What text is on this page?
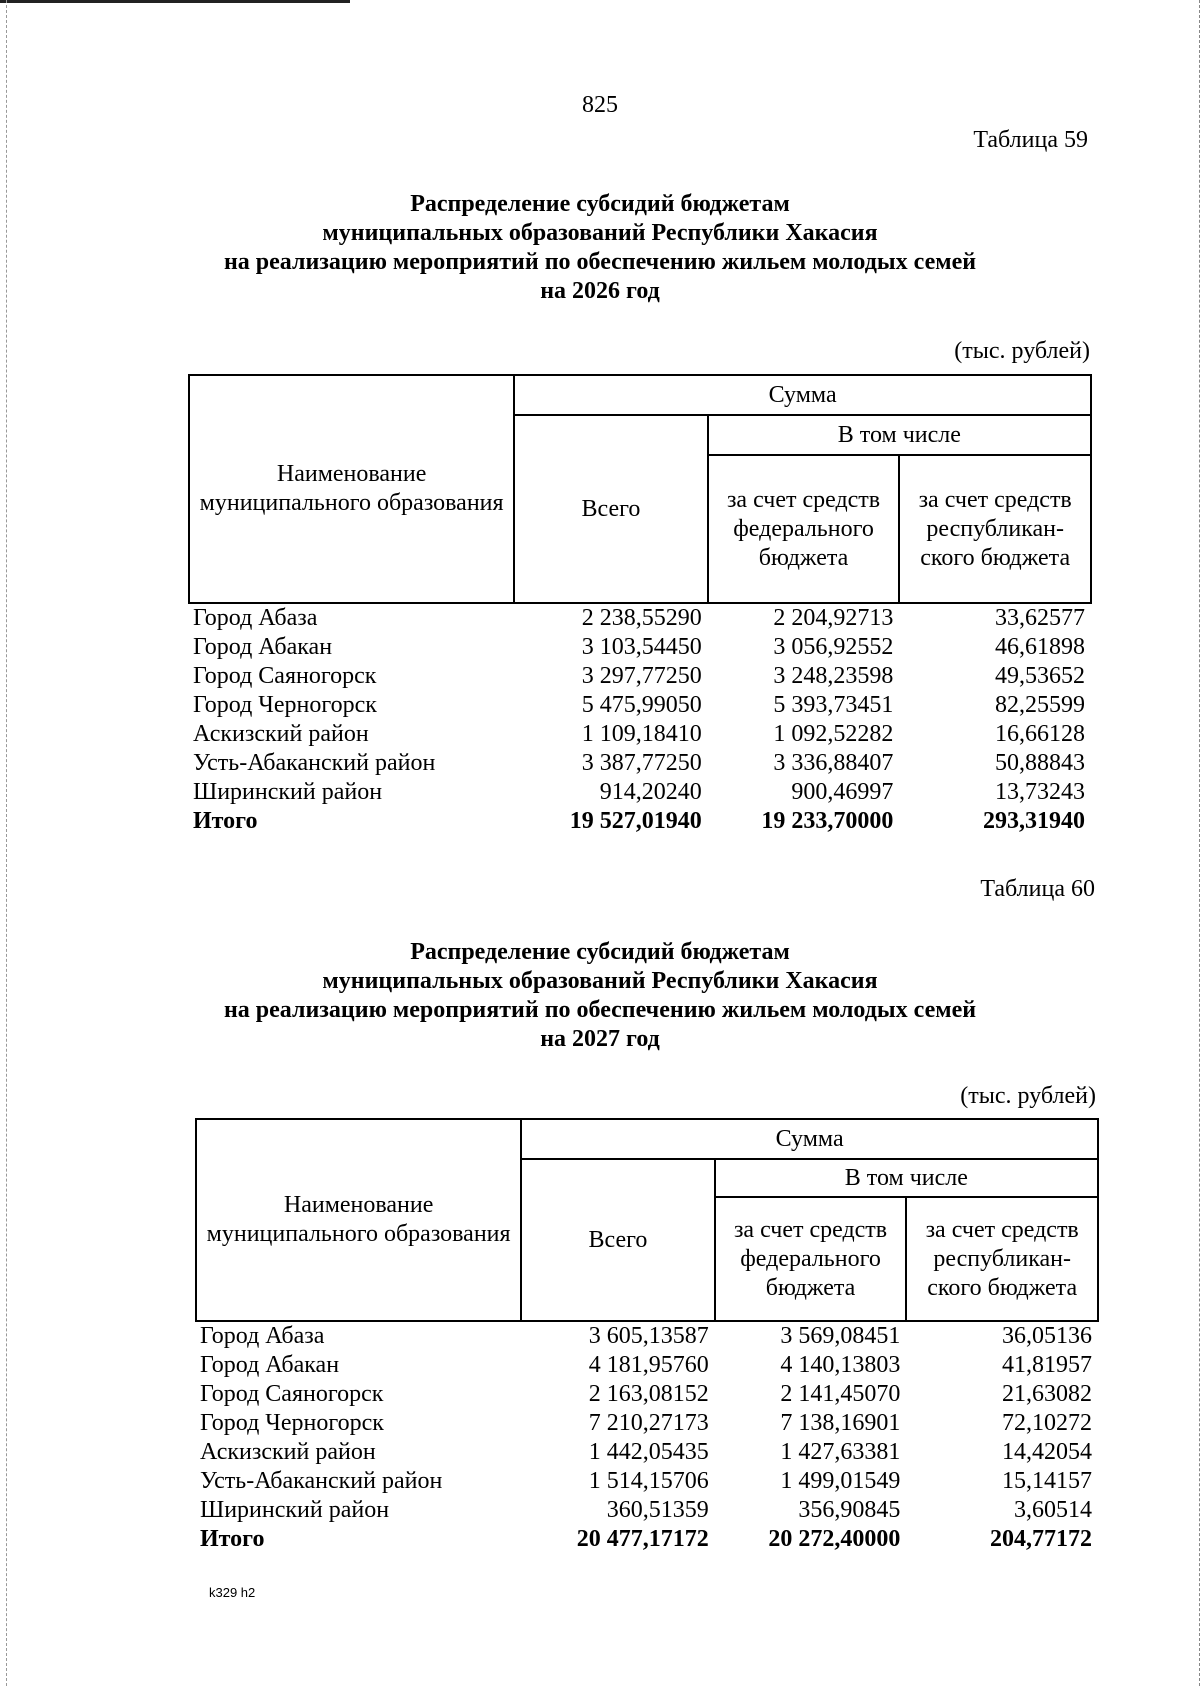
825
Таблица 59
Распределение субсидий бюджетам
муниципальных образований Республики Хакасия
на реализацию мероприятий по обеспечению жильем молодых семей
на 2026 год
(тыс. рублей)
Наименование муниципального образования	Сумма		
	Всего	В том числе	
		за счет средств федерального бюджета	за счет средств республикан-ского бюджета
Город Абаза	2 238,55290	2 204,92713	33,62577
Город Абакан	3 103,54450	3 056,92552	46,61898
Город Саяногорск	3 297,77250	3 248,23598	49,53652
Город Черногорск	5 475,99050	5 393,73451	82,25599
Аскизский район	1 109,18410	1 092,52282	16,66128
Усть-Абаканский район	3 387,77250	3 336,88407	50,88843
Ширинский район	914,20240	900,46997	13,73243
Итого	19 527,01940	19 233,70000	293,31940
Таблица 60
Распределение субсидий бюджетам
муниципальных образований Республики Хакасия
на реализацию мероприятий по обеспечению жильем молодых семей
на 2027 год
(тыс. рублей)
Наименование муниципального образования	Сумма		
	Всего	В том числе	
		за счет средств федерального бюджета	за счет средств республикан-ского бюджета
Город Абаза	3 605,13587	3 569,08451	36,05136
Город Абакан	4 181,95760	4 140,13803	41,81957
Город Саяногорск	2 163,08152	2 141,45070	21,63082
Город Черногорск	7 210,27173	7 138,16901	72,10272
Аскизский район	1 442,05435	1 427,63381	14,42054
Усть-Абаканский район	1 514,15706	1 499,01549	15,14157
Ширинский район	360,51359	356,90845	3,60514
Итого	20 477,17172	20 272,40000	204,77172
k329 h2
